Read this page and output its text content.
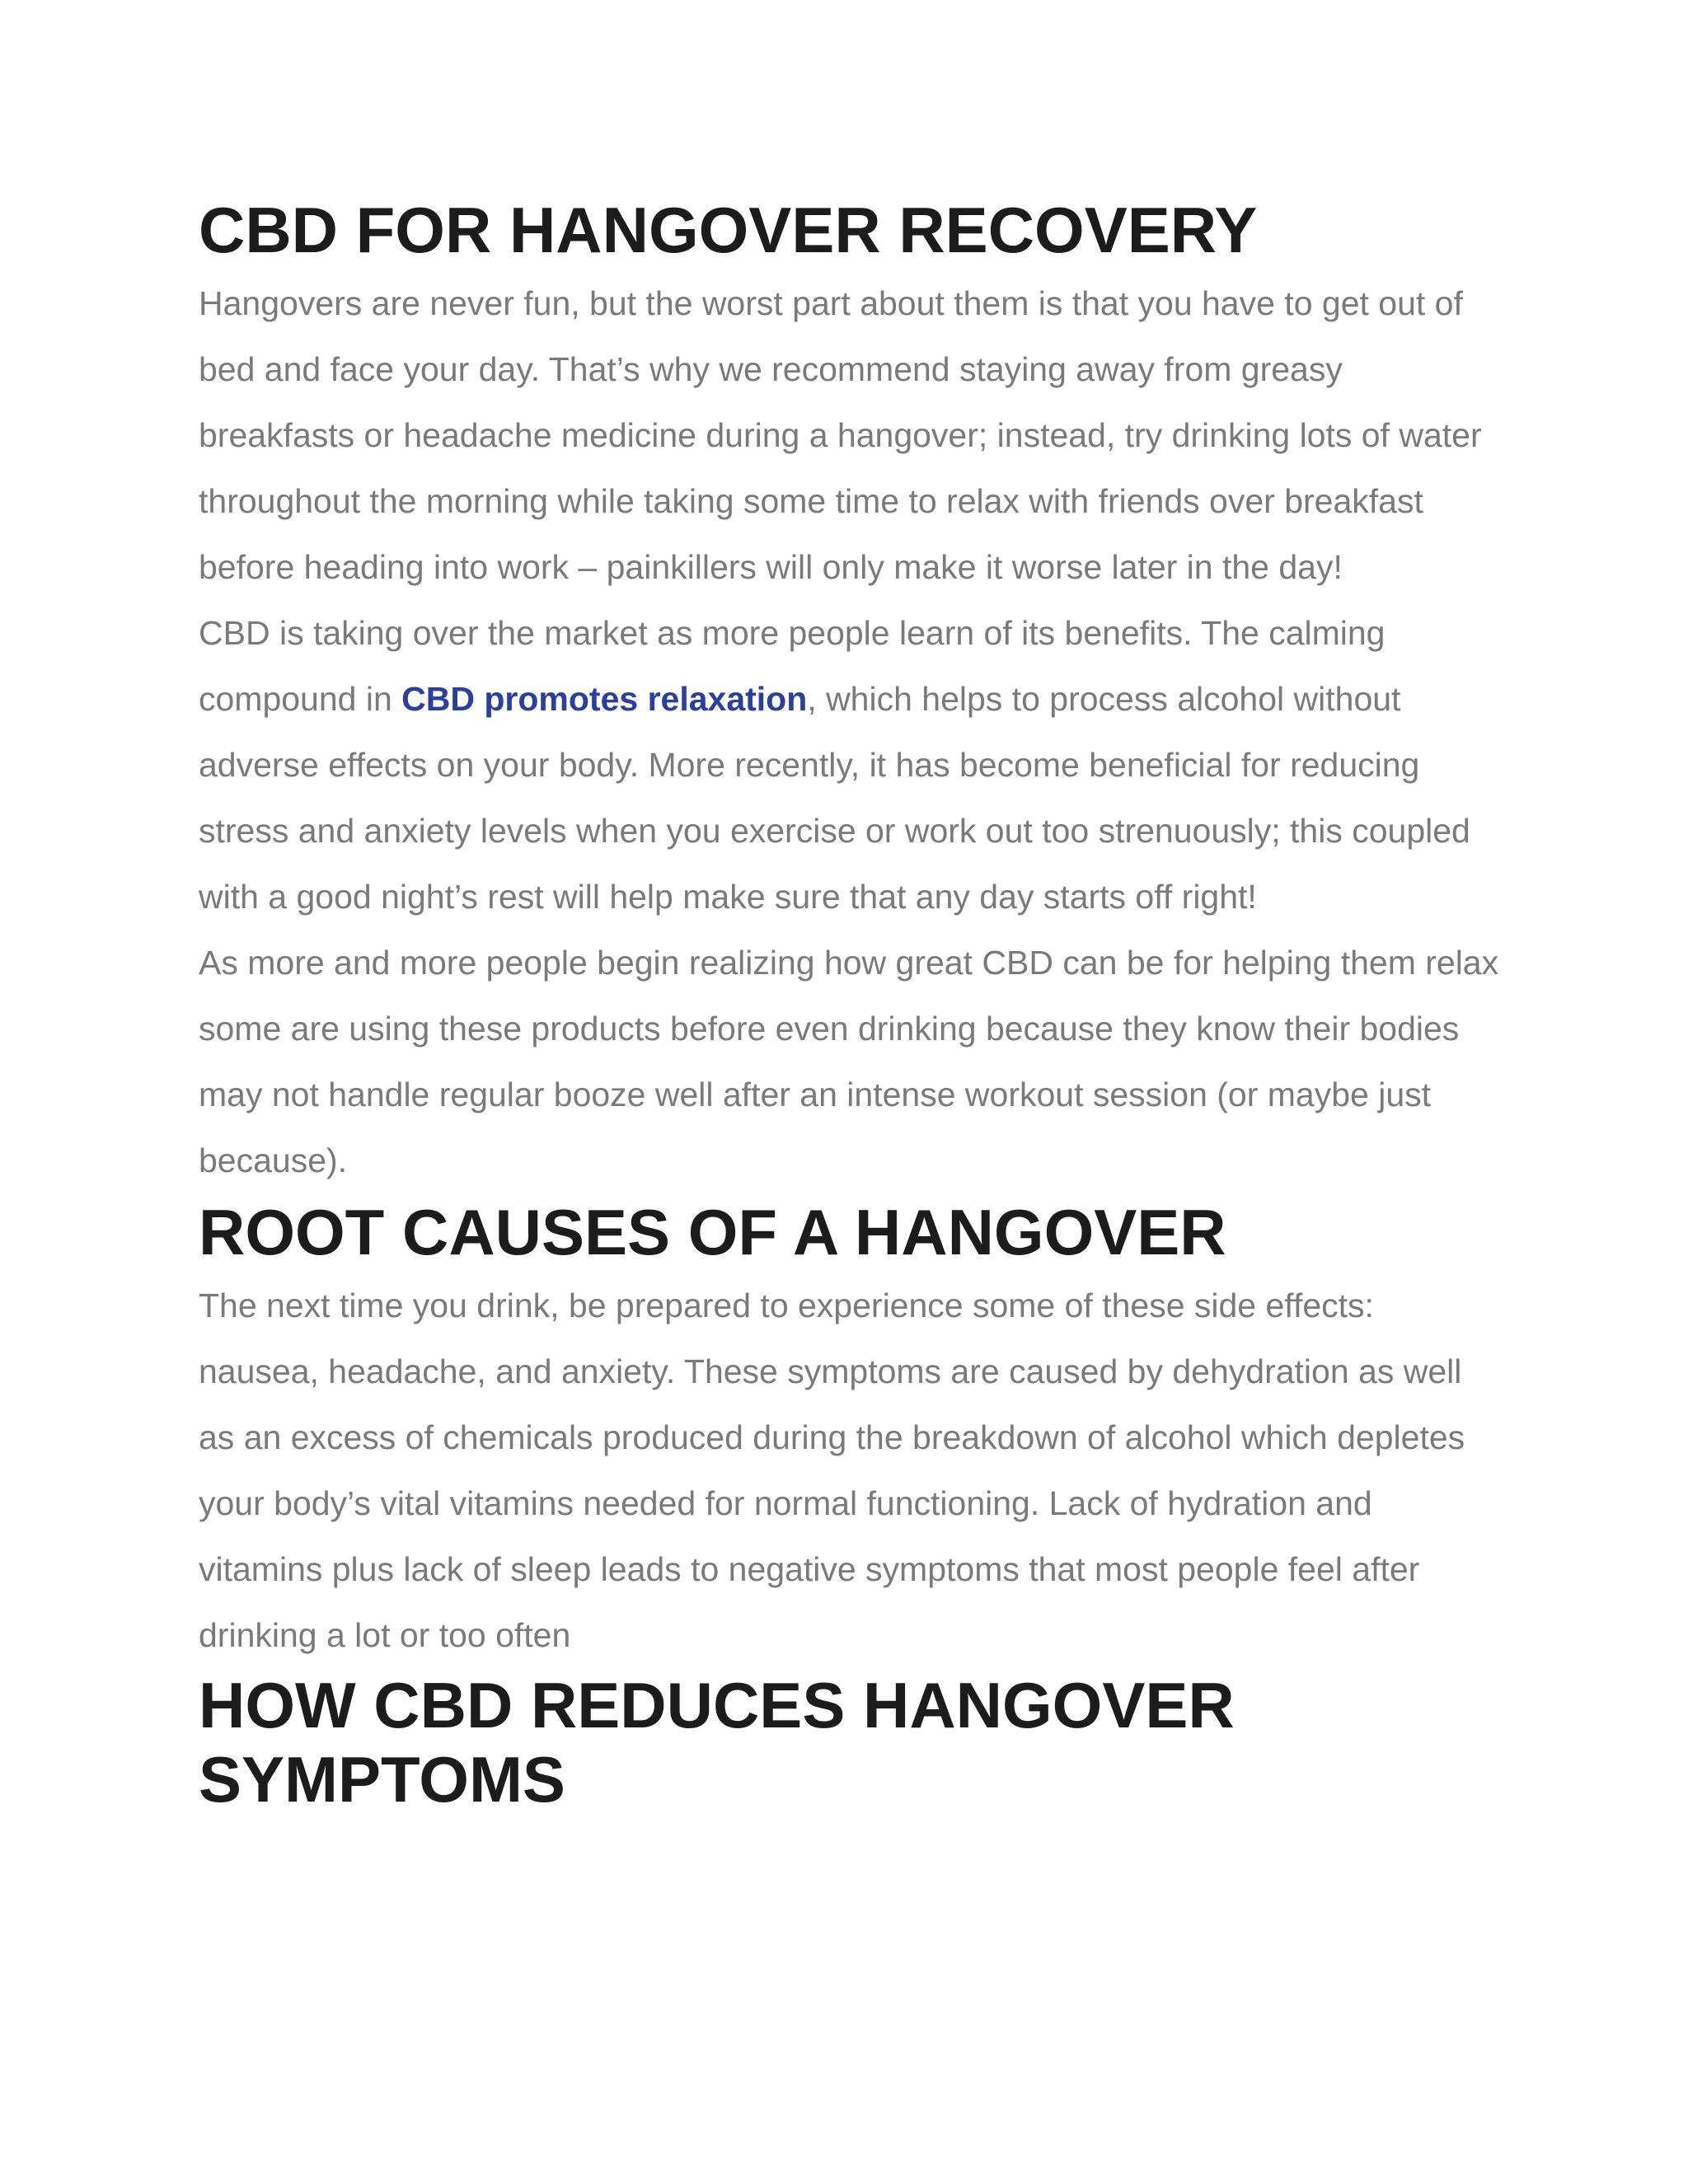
CBD FOR HANGOVER RECOVERY

Hangovers are never fun, but the worst part about them is that you have to get out of bed and face your day. That’s why we recommend staying away from greasy breakfasts or headache medicine during a hangover; instead, try drinking lots of water throughout the morning while taking some time to relax with friends over breakfast before heading into work – painkillers will only make it worse later in the day!

CBD is taking over the market as more people learn of its benefits. The calming compound in CBD promotes relaxation, which helps to process alcohol without adverse effects on your body. More recently, it has become beneficial for reducing stress and anxiety levels when you exercise or work out too strenuously; this coupled with a good night’s rest will help make sure that any day starts off right!

As more and more people begin realizing how great CBD can be for helping them relax some are using these products before even drinking because they know their bodies may not handle regular booze well after an intense workout session (or maybe just because).

ROOT CAUSES OF A HANGOVER

The next time you drink, be prepared to experience some of these side effects: nausea, headache, and anxiety. These symptoms are caused by dehydration as well as an excess of chemicals produced during the breakdown of alcohol which depletes your body’s vital vitamins needed for normal functioning. Lack of hydration and vitamins plus lack of sleep leads to negative symptoms that most people feel after drinking a lot or too often

HOW CBD REDUCES HANGOVER SYMPTOMS
